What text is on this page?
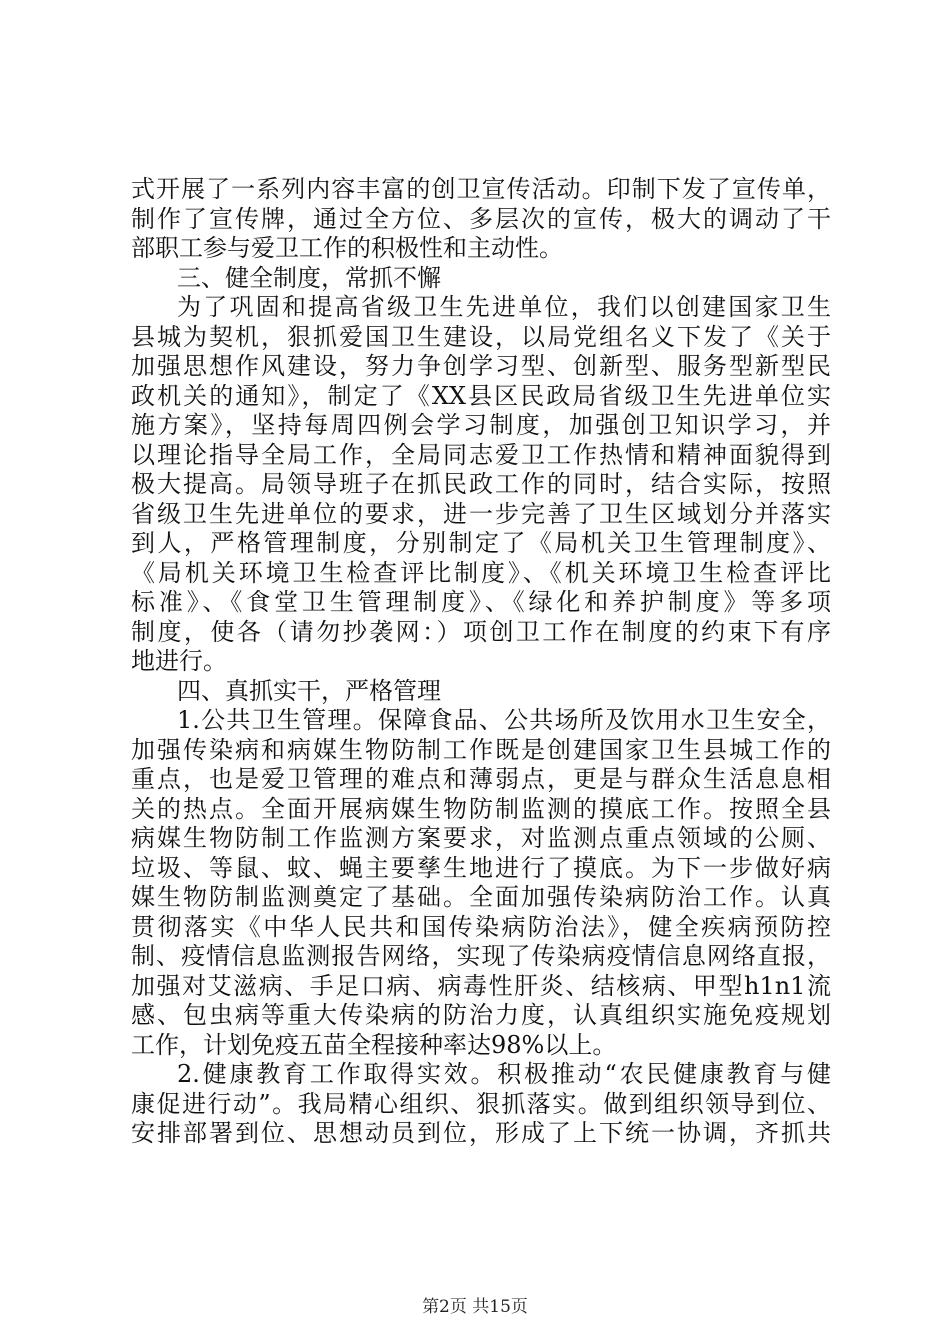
式开展了一系列内容丰富的创卫宣传活动。印制下发了宣传单，
制作了宣传牌，通过全方位、多层次的宣传，极大的调动了干
部职工参与爱卫工作的积极性和主动性。
三、健全制度，常抓不懈
为了巩固和提高省级卫生先进单位，我们以创建国家卫生
县城为契机，狠抓爱国卫生建设，以局党组名义下发了《关于
加强思想作风建设，努力争创学习型、创新型、服务型新型民
政机关的通知》，制定了《XX县区民政局省级卫生先进单位实
施方案》，坚持每周四例会学习制度，加强创卫知识学习，并
以理论指导全局工作，全局同志爱卫工作热情和精神面貌得到
极大提高。局领导班子在抓民政工作的同时，结合实际，按照
省级卫生先进单位的要求，进一步完善了卫生区域划分并落实
到人，严格管理制度，分别制定了《局机关卫生管理制度》、
《局机关环境卫生检查评比制度》、《机关环境卫生检查评比
标准》、《食堂卫生管理制度》、《绿化和养护制度》等多项
制度，使各（请勿抄袭网：）项创卫工作在制度的约束下有序
地进行。
四、真抓实干，严格管理
1.公共卫生管理。保障食品、公共场所及饮用水卫生安全，
加强传染病和病媒生物防制工作既是创建国家卫生县城工作的
重点，也是爱卫管理的难点和薄弱点，更是与群众生活息息相
关的热点。全面开展病媒生物防制监测的摸底工作。按照全县
病媒生物防制工作监测方案要求，对监测点重点领域的公厕、
垃圾、等鼠、蚊、蝇主要孳生地进行了摸底。为下一步做好病
媒生物防制监测奠定了基础。全面加强传染病防治工作。认真
贯彻落实《中华人民共和国传染病防治法》，健全疾病预防控
制、疫情信息监测报告网络，实现了传染病疫情信息网络直报，
加强对艾滋病、手足口病、病毒性肝炎、结核病、甲型h1n1流
感、包虫病等重大传染病的防治力度，认真组织实施免疫规划
工作，计划免疫五苗全程接种率达98%以上。
2.健康教育工作取得实效。积极推动“农民健康教育与健
康促进行动”。我局精心组织、狠抓落实。做到组织领导到位、
安排部署到位、思想动员到位，形成了上下统一协调，齐抓共
第2页 共15页
